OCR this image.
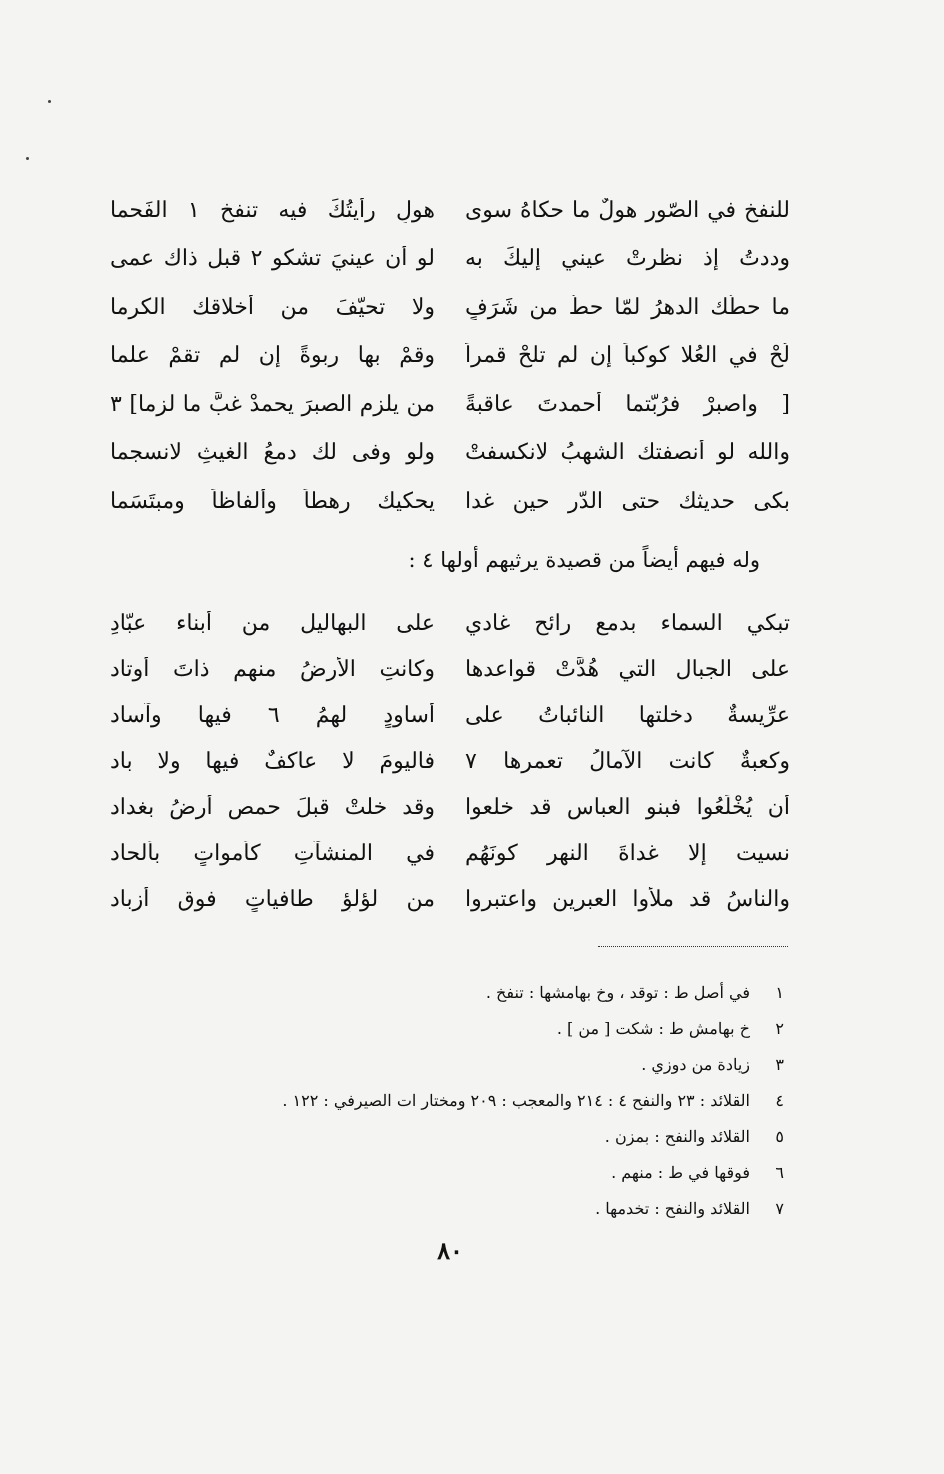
للنفخ في الصّورِ هولٌ ما حكاهُ سوى
هولٍ رأيتُكَ فيه تنفخ ١ الفَحما
وددتُ إذ نظرتْ عيني إليكَ به
لو أن عينيَ تشكو ٢ قبل ذاك عمى
ما حطّك الدهرُ لمّا حطّ من شَرَفٍ
ولا تحيّفَ من أخلاقك الكرما
لُحْ في العُلا كوكباً إن لم تلحْ قمراً
وقمْ بها ربوةً إن لم تقمْ علما
[ واصبرْ فرُبّتما أحمدتَ عاقبةً
من يلزم الصبرَ يحمدْ غبَّ ما لزما] ٣
والله لو أنصفتك الشهبُ لانكسفتْ
ولو وفى لك دمعُ الغيثِ لانسجما
بكى حديثك حتى الدّر حين غدا
يحكيك رهطاً وألفاظاً ومبتَسَما
وله فيهم أيضاً من قصيدة يرثيهم أولها ٤ :
تبكي السماء بدمعٍ رائحٍ غادي
على البهاليل من أبناء عبّادِ
على الجبال التي هُدَّتْ قواعدها
وكانتِ الأرضُ منهم ذاتَ أوتاد
عرِّيسةٌ دخلتها النائباتُ على
أساوِدٍ لهمُ ٦ فيها وآساد
وكعبةٌ كانت الآمالُ تعمرها ٧
فاليومَ لا عاكفٌ فيها ولا باد
أن يُخْلَعُوا فبنو العباس قد خلعوا
وقد خلتْ قبلَ حمصٍ أرضُ بغداد
نسيت إلا غداةَ النهرِ كونَهُم
في المنشآتِ كأمواتٍ بألحاد
والناسُ قد ملأوا العبرين واعتبروا
من لؤلؤٍ طافياتٍ فوق أزباد
١
في أصل ط : توقد ، وخ بهامشها : تنفخ .
٢
خ بهامش ط : شكت [ من ] .
٣
زيادة من دوزي .
٤
القلائد : ٢٣ والنفح ٤ : ٢١٤ والمعجب : ٢٠٩ ومختار ات الصيرفي : ١٢٢ .
٥
القلائد والنفح : بمزن .
٦
فوقها في ط : منهم .
٧
القلائد والنفح : تخدمها .
٨٠
